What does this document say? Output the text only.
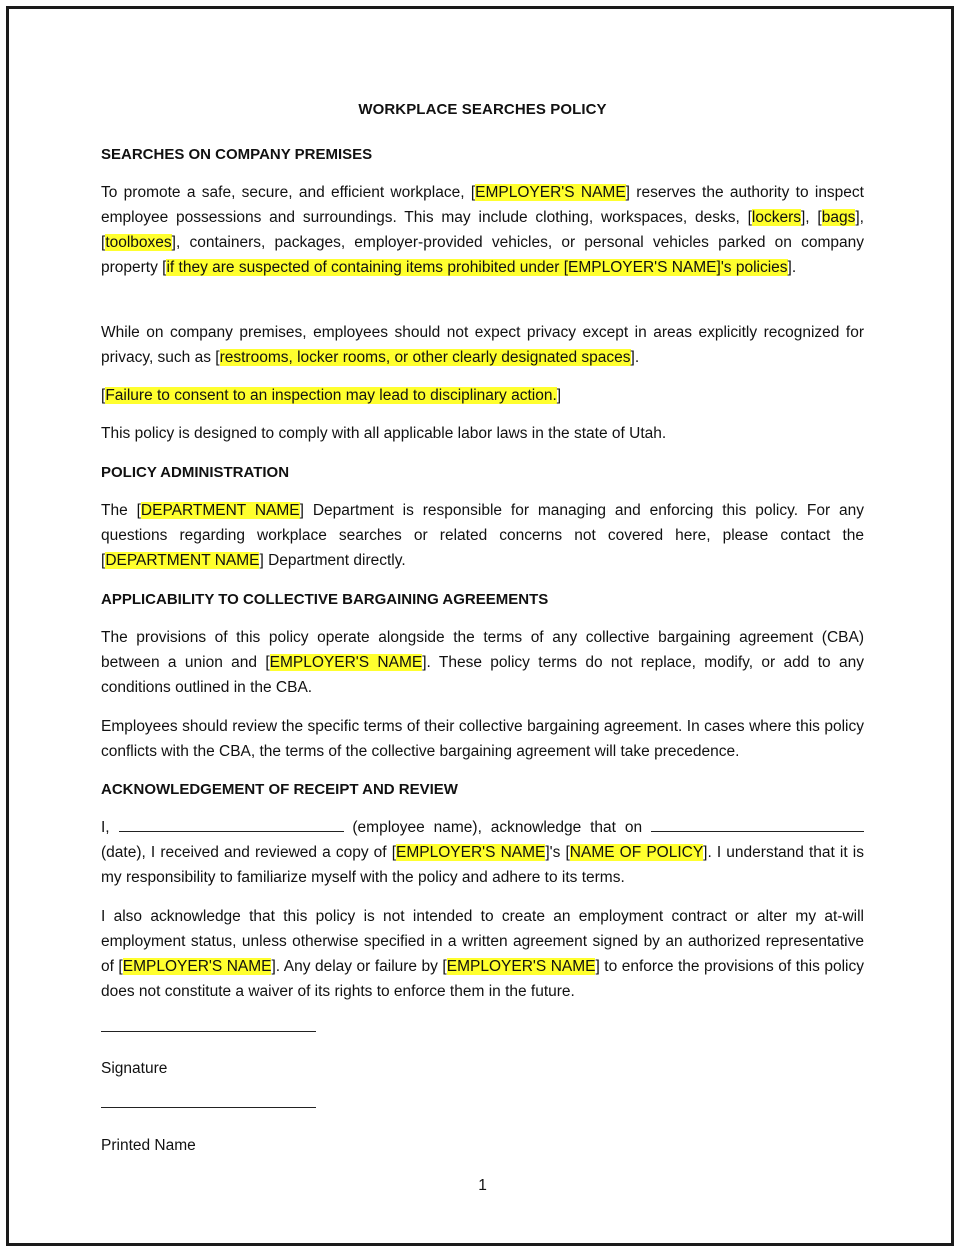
WORKPLACE SEARCHES POLICY
SEARCHES ON COMPANY PREMISES

To promote a safe, secure, and efficient workplace, [EMPLOYER'S NAME] reserves the authority to inspect employee possessions and surroundings. This may include clothing, workspaces, desks, [lockers], [bags], [toolboxes], containers, packages, employer-provided vehicles, or personal vehicles parked on company property [if they are suspected of containing items prohibited under [EMPLOYER'S NAME]'s policies].

While on company premises, employees should not expect privacy except in areas explicitly recognized for privacy, such as [restrooms, locker rooms, or other clearly designated spaces].

[Failure to consent to an inspection may lead to disciplinary action.]

This policy is designed to comply with all applicable labor laws in the state of Utah.

POLICY ADMINISTRATION

The [DEPARTMENT NAME] Department is responsible for managing and enforcing this policy. For any questions regarding workplace searches or related concerns not covered here, please contact the [DEPARTMENT NAME] Department directly.

APPLICABILITY TO COLLECTIVE BARGAINING AGREEMENTS

The provisions of this policy operate alongside the terms of any collective bargaining agreement (CBA) between a union and [EMPLOYER'S NAME]. These policy terms do not replace, modify, or add to any conditions outlined in the CBA.

Employees should review the specific terms of their collective bargaining agreement. In cases where this policy conflicts with the CBA, the terms of the collective bargaining agreement will take precedence.

ACKNOWLEDGEMENT OF RECEIPT AND REVIEW

I,	(employee name), acknowledge that on  (date), I received and reviewed a copy of [EMPLOYER'S NAME]'s [NAME OF POLICY]. I understand that it is my responsibility to familiarize myself with the policy and adhere to its terms.

I also acknowledge that this policy is not intended to create an employment contract or alter my at-will employment status, unless otherwise specified in a written agreement signed by an authorized representative of [EMPLOYER'S NAME]. Any delay or failure by [EMPLOYER'S NAME] to enforce the provisions of this policy does not constitute a waiver of its rights to enforce them in the future.

Signature
Printed Name
1
